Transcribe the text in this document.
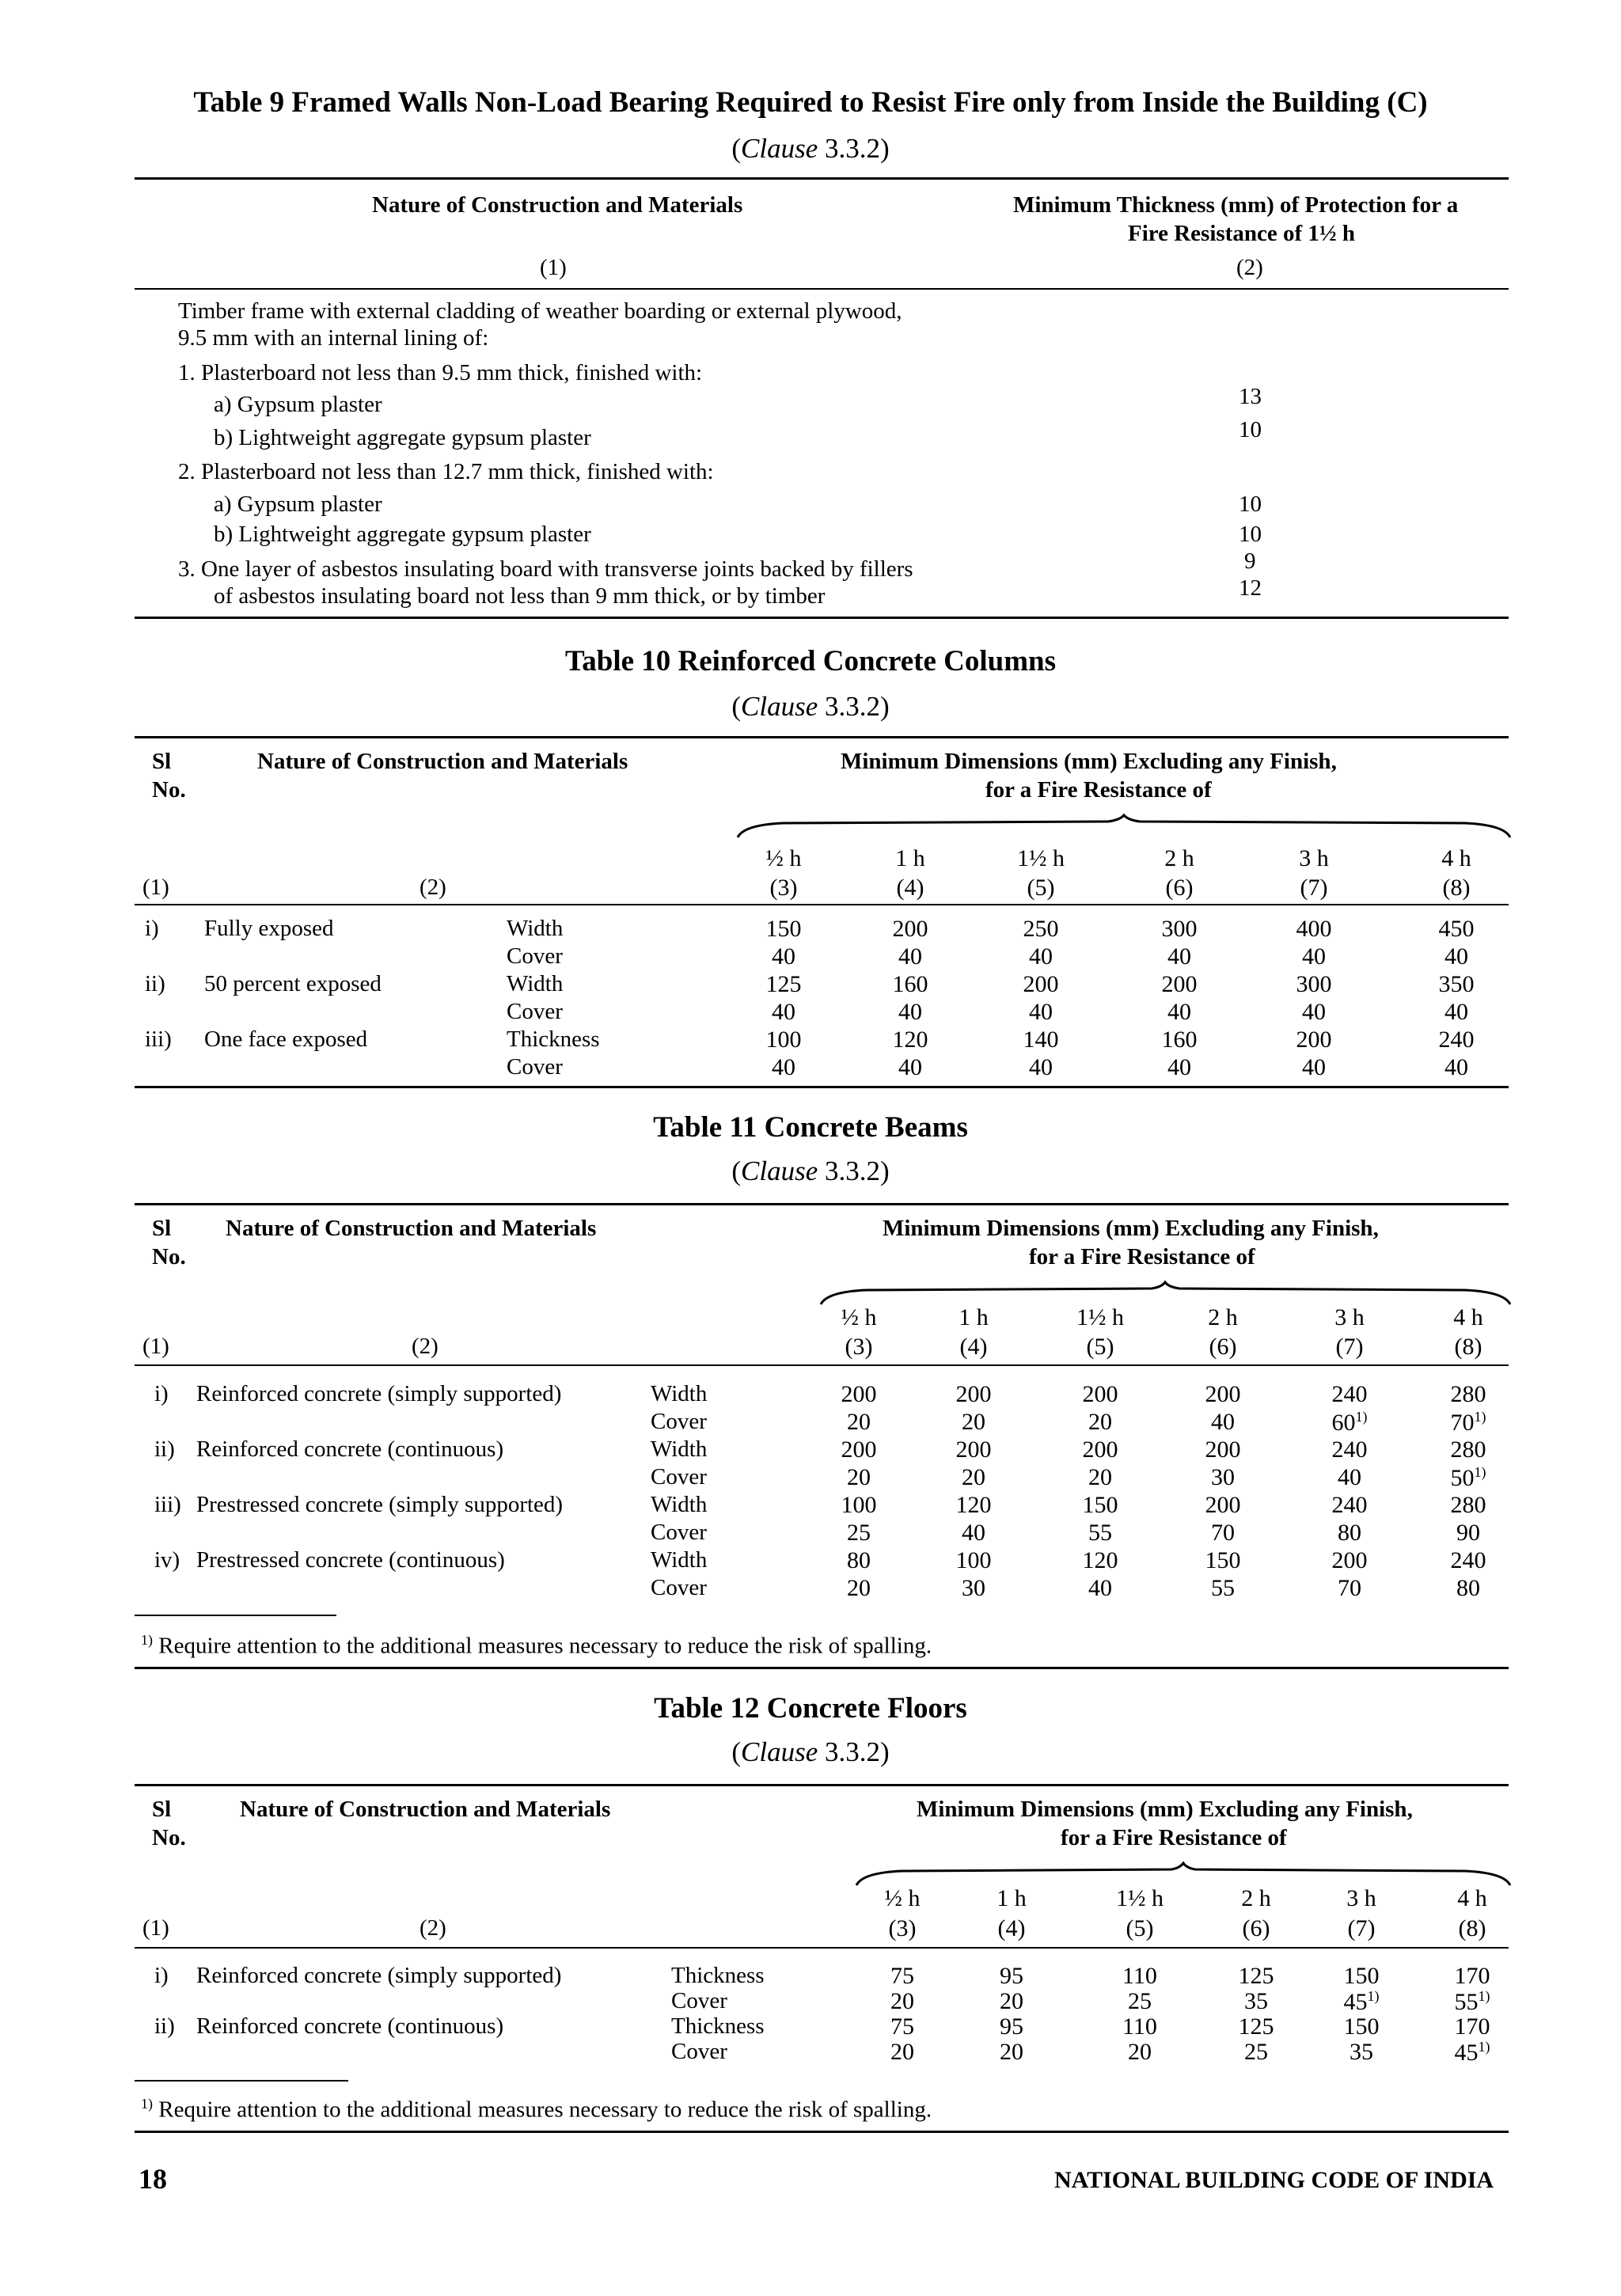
Table 9 Framed Walls Non-Load Bearing Required to Resist Fire only from Inside the Building (C)
(Clause 3.3.2)
Nature of Construction and Materials	Minimum Thickness (mm) of Protection for a
Fire Resistance of 1½ h
(1)	(2)
Timber frame with external cladding of weather boarding or external plywood,
9.5 mm with an internal lining of:
1. Plasterboard not less than 9.5 mm thick, finished with:
a) Gypsum plaster	13
b) Lightweight aggregate gypsum plaster	10
2. Plasterboard not less than 12.7 mm thick, finished with:
a) Gypsum plaster	10
b) Lightweight aggregate gypsum plaster	10
3. One layer of asbestos insulating board with transverse joints backed by fillers	9
of asbestos insulating board not less than 9 mm thick, or by timber	12
Table 10 Reinforced Concrete Columns
(Clause 3.3.2)
Sl
No.
Nature of Construction and Materials	Minimum Dimensions (mm) Excluding any Finish,
for a Fire Resistance of
½ h	1 h	1½ h	2 h	3 h	4 h
(1)	(2)	(3)	(4)	(5)	(6)	(7)	(8)
i) Fully exposed	Width	150	200	250	300	400	450
Cover	40	40	40	40	40	40
ii) 50 percent exposed	Width	125	160	200	200	300	350
Cover	40	40	40	40	40	40
iii) One face exposed	Thickness	100	120	140	160	200	240
Cover	40	40	40	40	40	40
Table 11 Concrete Beams
(Clause 3.3.2)
Sl
No.
Nature of Construction and Materials	Minimum Dimensions (mm) Excluding any Finish,
for a Fire Resistance of
½ h	1 h	1½ h	2 h	3 h	4 h
(1)	(2)	(3)	(4)	(5)	(6)	(7)	(8)
i) Reinforced concrete (simply supported)	Width	200	200	200	200	240	280
Cover	20	20	20	40	60$^{1)}$	70$^{1)}$
ii) Reinforced concrete (continuous)	Width	200	200	200	200	240	280
Cover	20	20	20	30	40	50$^{1)}$
iii) Prestressed concrete (simply supported)	Width	100	120	150	200	240	280
Cover	25	40	55	70	80	90
iv) Prestressed concrete (continuous)	Width	80	100	120	150	200	240
Cover	20	30	40	55	70	80
$^{1)}$ Require attention to the additional measures necessary to reduce the risk of spalling.
Table 12 Concrete Floors
(Clause 3.3.2)
Sl
No.
Nature of Construction and Materials	Minimum Dimensions (mm) Excluding any Finish,
for a Fire Resistance of
½ h	1 h	1½ h	2 h	3 h	4 h
(1)	(2)	(3)	(4)	(5)	(6)	(7)	(8)
i) Reinforced concrete (simply supported)	Thickness	75	95	110	125	150	170
Cover	20	20	25	35	45$^{1)}$	55$^{1)}$
ii) Reinforced concrete (continuous)	Thickness	75	95	110	125	150	170
Cover	20	20	20	25	35	45$^{1)}$
$^{1)}$ Require attention to the additional measures necessary to reduce the risk of spalling.
18	NATIONAL BUILDING CODE OF INDIA
